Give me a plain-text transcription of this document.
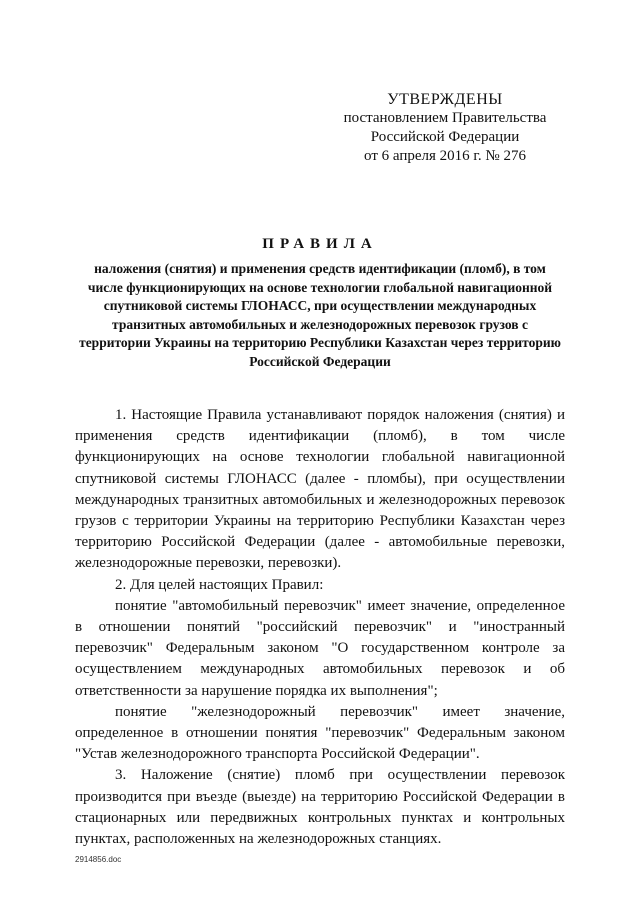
УТВЕРЖДЕНЫ
постановлением Правительства
Российской Федерации
от 6 апреля 2016 г. № 276
ПРАВИЛА
наложения (снятия) и применения средств идентификации (пломб), в том числе функционирующих на основе технологии глобальной навигационной спутниковой системы ГЛОНАСС, при осуществлении международных транзитных автомобильных и железнодорожных перевозок грузов с территории Украины на территорию Республики Казахстан через территорию Российской Федерации

1. Настоящие Правила устанавливают порядок наложения (снятия) и применения средств идентификации (пломб), в том числе функционирующих на основе технологии глобальной навигационной спутниковой системы ГЛОНАСС (далее - пломбы), при осуществлении международных транзитных автомобильных и железнодорожных перевозок грузов с территории Украины на территорию Республики Казахстан через территорию Российской Федерации (далее - автомобильные перевозки, железнодорожные перевозки, перевозки).

2. Для целей настоящих Правил:

понятие "автомобильный перевозчик" имеет значение, определенное в отношении понятий "российский перевозчик" и "иностранный перевозчик" Федеральным законом "О государственном контроле за осуществлением международных автомобильных перевозок и об ответственности за нарушение порядка их выполнения";

понятие "железнодорожный перевозчик" имеет значение, определенное в отношении понятия "перевозчик" Федеральным законом "Устав железнодорожного транспорта Российской Федерации".

3. Наложение (снятие) пломб при осуществлении перевозок производится при въезде (выезде) на территорию Российской Федерации в стационарных или передвижных контрольных пунктах и контрольных пунктах, расположенных на железнодорожных станциях.

2914856.doc
